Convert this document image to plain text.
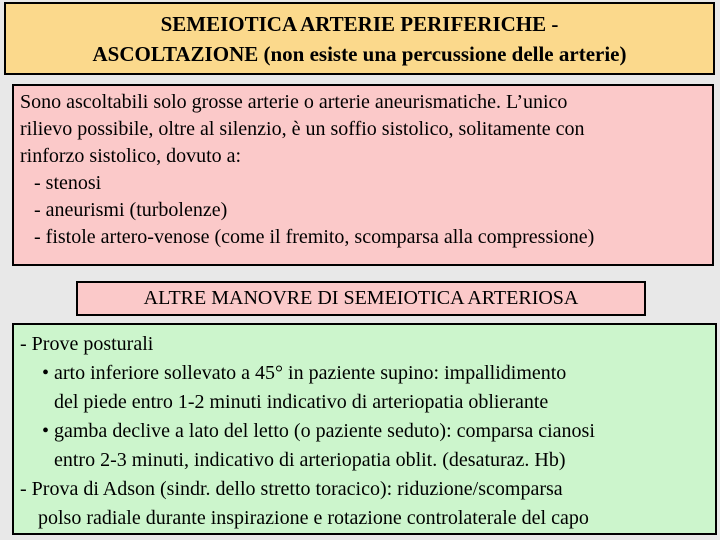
SEMEIOTICA ARTERIE PERIFERICHE -
ASCOLTAZIONE (non esiste una percussione delle arterie)
Sono ascoltabili solo grosse arterie o arterie aneurismatiche. L’unico
rilievo possibile, oltre al silenzio, è un soffio sistolico, solitamente con
rinforzo sistolico, dovuto a:
- stenosi
- aneurismi (turbolenze)
- fistole artero-venose (come il fremito, scomparsa alla compressione)
ALTRE MANOVRE DI SEMEIOTICA ARTERIOSA
- Prove posturali
• arto inferiore sollevato a 45° in paziente supino: impallidimento
del piede entro 1-2 minuti indicativo di arteriopatia oblierante
• gamba declive a lato del letto (o paziente seduto): comparsa cianosi
entro 2-3 minuti, indicativo di arteriopatia oblit. (desaturaz. Hb)
- Prova di Adson (sindr. dello stretto toracico): riduzione/scomparsa
polso radiale durante inspirazione e rotazione controlaterale del capo
